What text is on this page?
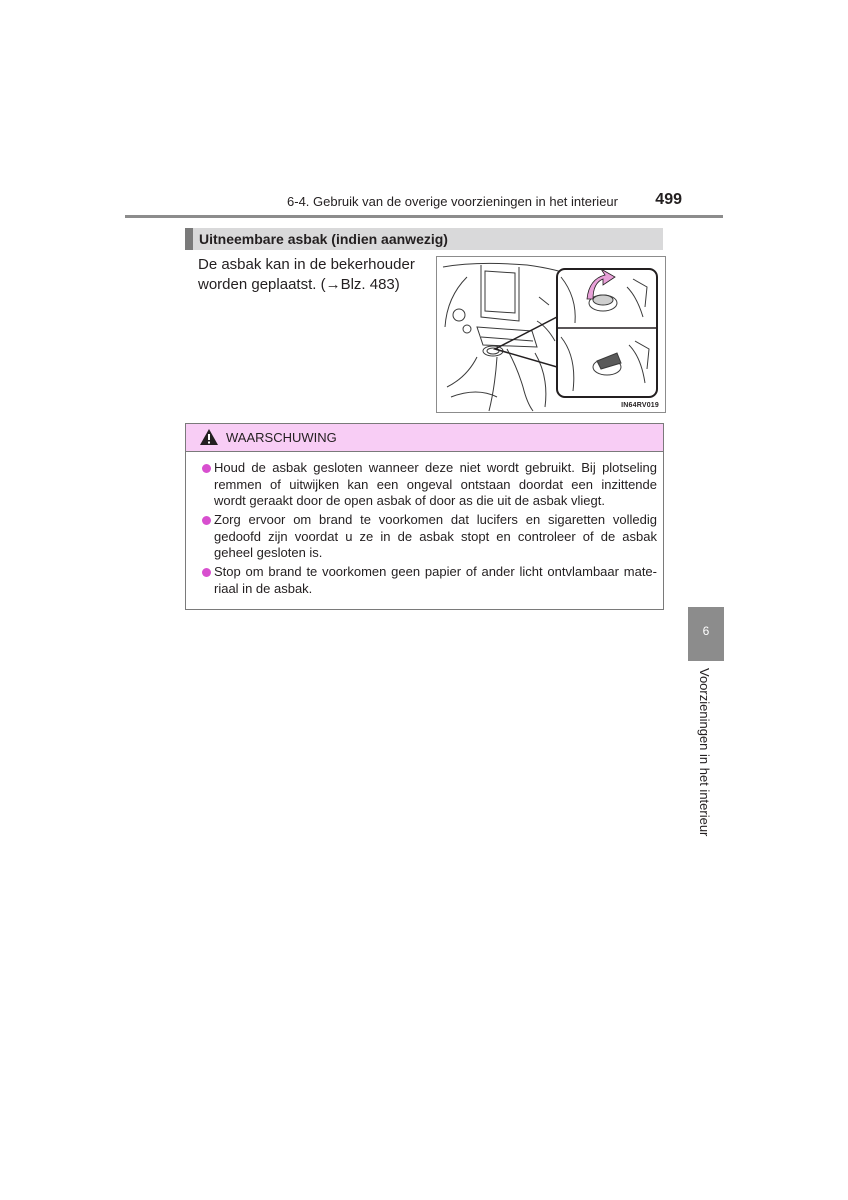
6-4. Gebruik van de overige voorzieningen in het interieur	499
Uitneembare asbak (indien aanwezig)
De asbak kan in de bekerhouder
worden geplaatst. (→Blz. 483)
IN64RV019
WAARSCHUWING
Houd de asbak gesloten wanneer deze niet wordt gebruikt. Bij plotseling
remmen of uitwijken kan een ongeval ontstaan doordat een inzittende
wordt geraakt door de open asbak of door as die uit de asbak vliegt.
Zorg ervoor om brand te voorkomen dat lucifers en sigaretten volledig
gedoofd zijn voordat u ze in de asbak stopt en controleer of de asbak
geheel gesloten is.
Stop om brand te voorkomen geen papier of ander licht ontvlambaar mate-
riaal in de asbak.
6
Voorzieningen in het interieur
